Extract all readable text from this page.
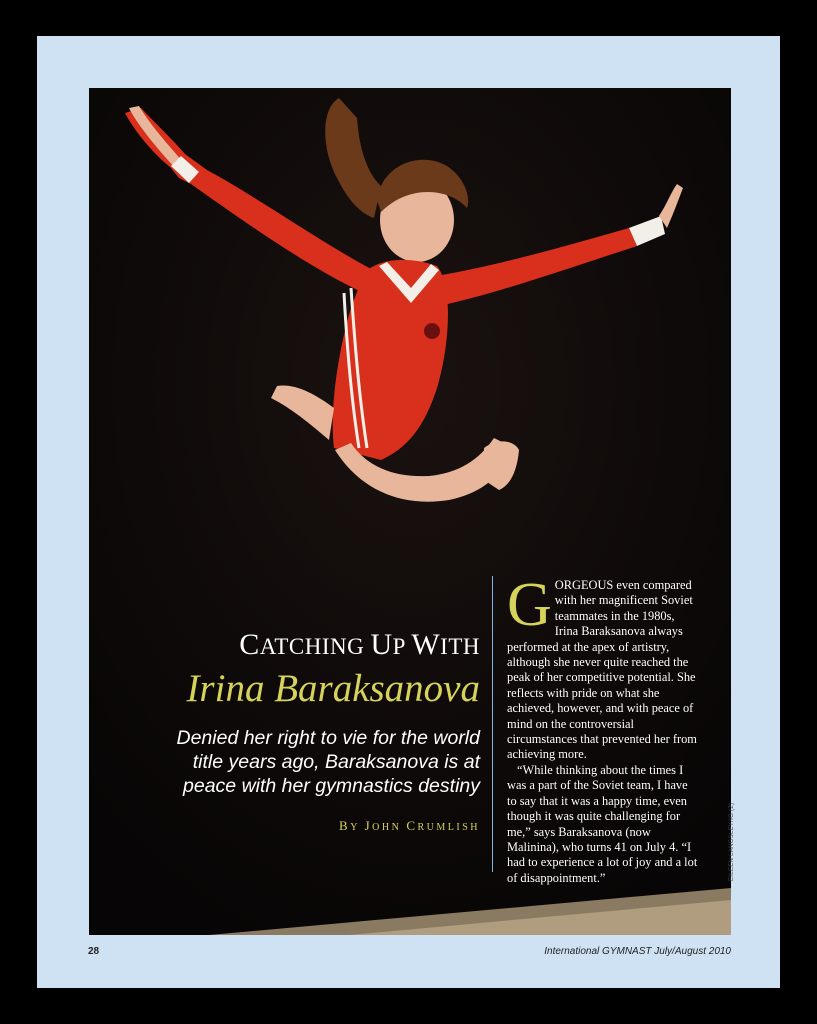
CATCHING UP WITH
Irina Baraksanova
Denied her right to vie for the world title years ago, Baraksanova is at peace with her gymnastics destiny
BY JOHN CRUMLISH

GORGEOUS even compared with her magnificent Soviet teammates in the 1980s, Irina Baraksanova always performed at the apex of artistry, although she never quite reached the peak of her competitive potential. She reflects with pride on what she achieved, however, and with peace of mind on the controversial circumstances that prevented her from achieving more.

“While thinking about the times I was a part of the Soviet team, I have to say that it was a happy time, even though it was quite challenging for me,” says Baraksanova (now Malinina), who turns 41 on July 4. “I had to experience a lot of joy and a lot of disappointment.”	EILEEN LANGSLEY/IG (2)
28	International GYMNAST July/August 2010
